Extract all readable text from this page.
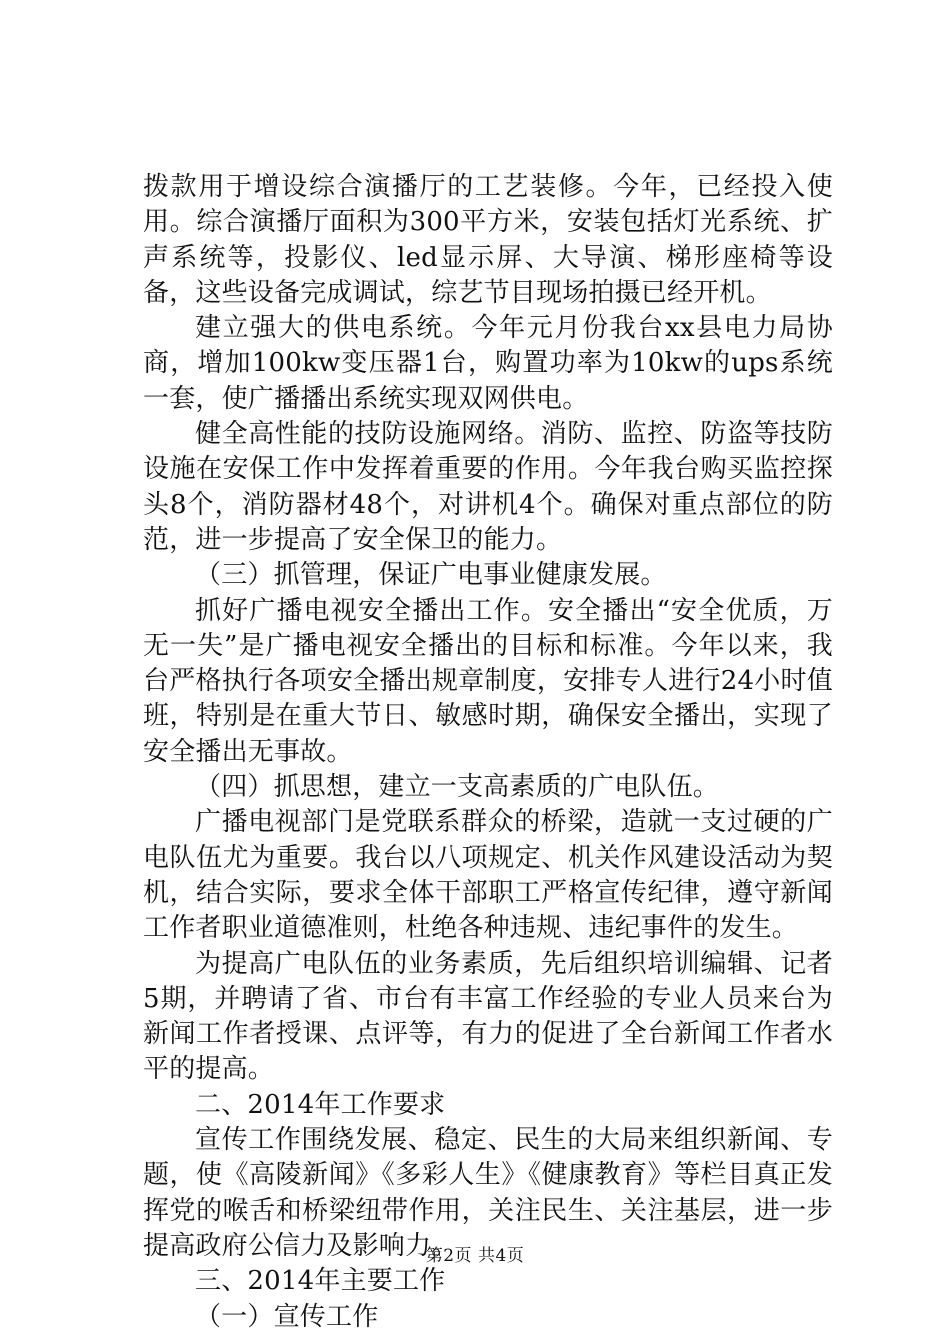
拨款用于增设综合演播厅的工艺装修。今年，已经投入使用。综合演播厅面积为300平方米，安装包括灯光系统、扩声系统等，投影仪、led显示屏、大导演、梯形座椅等设备，这些设备完成调试，综艺节目现场拍摄已经开机。

建立强大的供电系统。今年元月份我台xx县电力局协商，增加100kw变压器1台，购置功率为10kw的ups系统一套，使广播播出系统实现双网供电。

健全高性能的技防设施网络。消防、监控、防盗等技防设施在安保工作中发挥着重要的作用。今年我台购买监控探头8个，消防器材48个，对讲机4个。确保对重点部位的防范，进一步提高了安全保卫的能力。

（三）抓管理，保证广电事业健康发展。

抓好广播电视安全播出工作。安全播出“安全优质，万无一失”是广播电视安全播出的目标和标准。今年以来，我台严格执行各项安全播出规章制度，安排专人进行24小时值班，特别是在重大节日、敏感时期，确保安全播出，实现了安全播出无事故。

（四）抓思想，建立一支高素质的广电队伍。

广播电视部门是党联系群众的桥梁，造就一支过硬的广电队伍尤为重要。我台以八项规定、机关作风建设活动为契机，结合实际，要求全体干部职工严格宣传纪律，遵守新闻工作者职业道德准则，杜绝各种违规、违纪事件的发生。

为提高广电队伍的业务素质，先后组织培训编辑、记者5期，并聘请了省、市台有丰富工作经验的专业人员来台为新闻工作者授课、点评等，有力的促进了全台新闻工作者水平的提高。

二、2014年工作要求

宣传工作围绕发展、稳定、民生的大局来组织新闻、专题，使《高陵新闻》《多彩人生》《健康教育》等栏目真正发挥党的喉舌和桥梁纽带作用，关注民生、关注基层，进一步提高政府公信力及影响力。

三、2014年主要工作

（一）宣传工作

第2页 共4页
